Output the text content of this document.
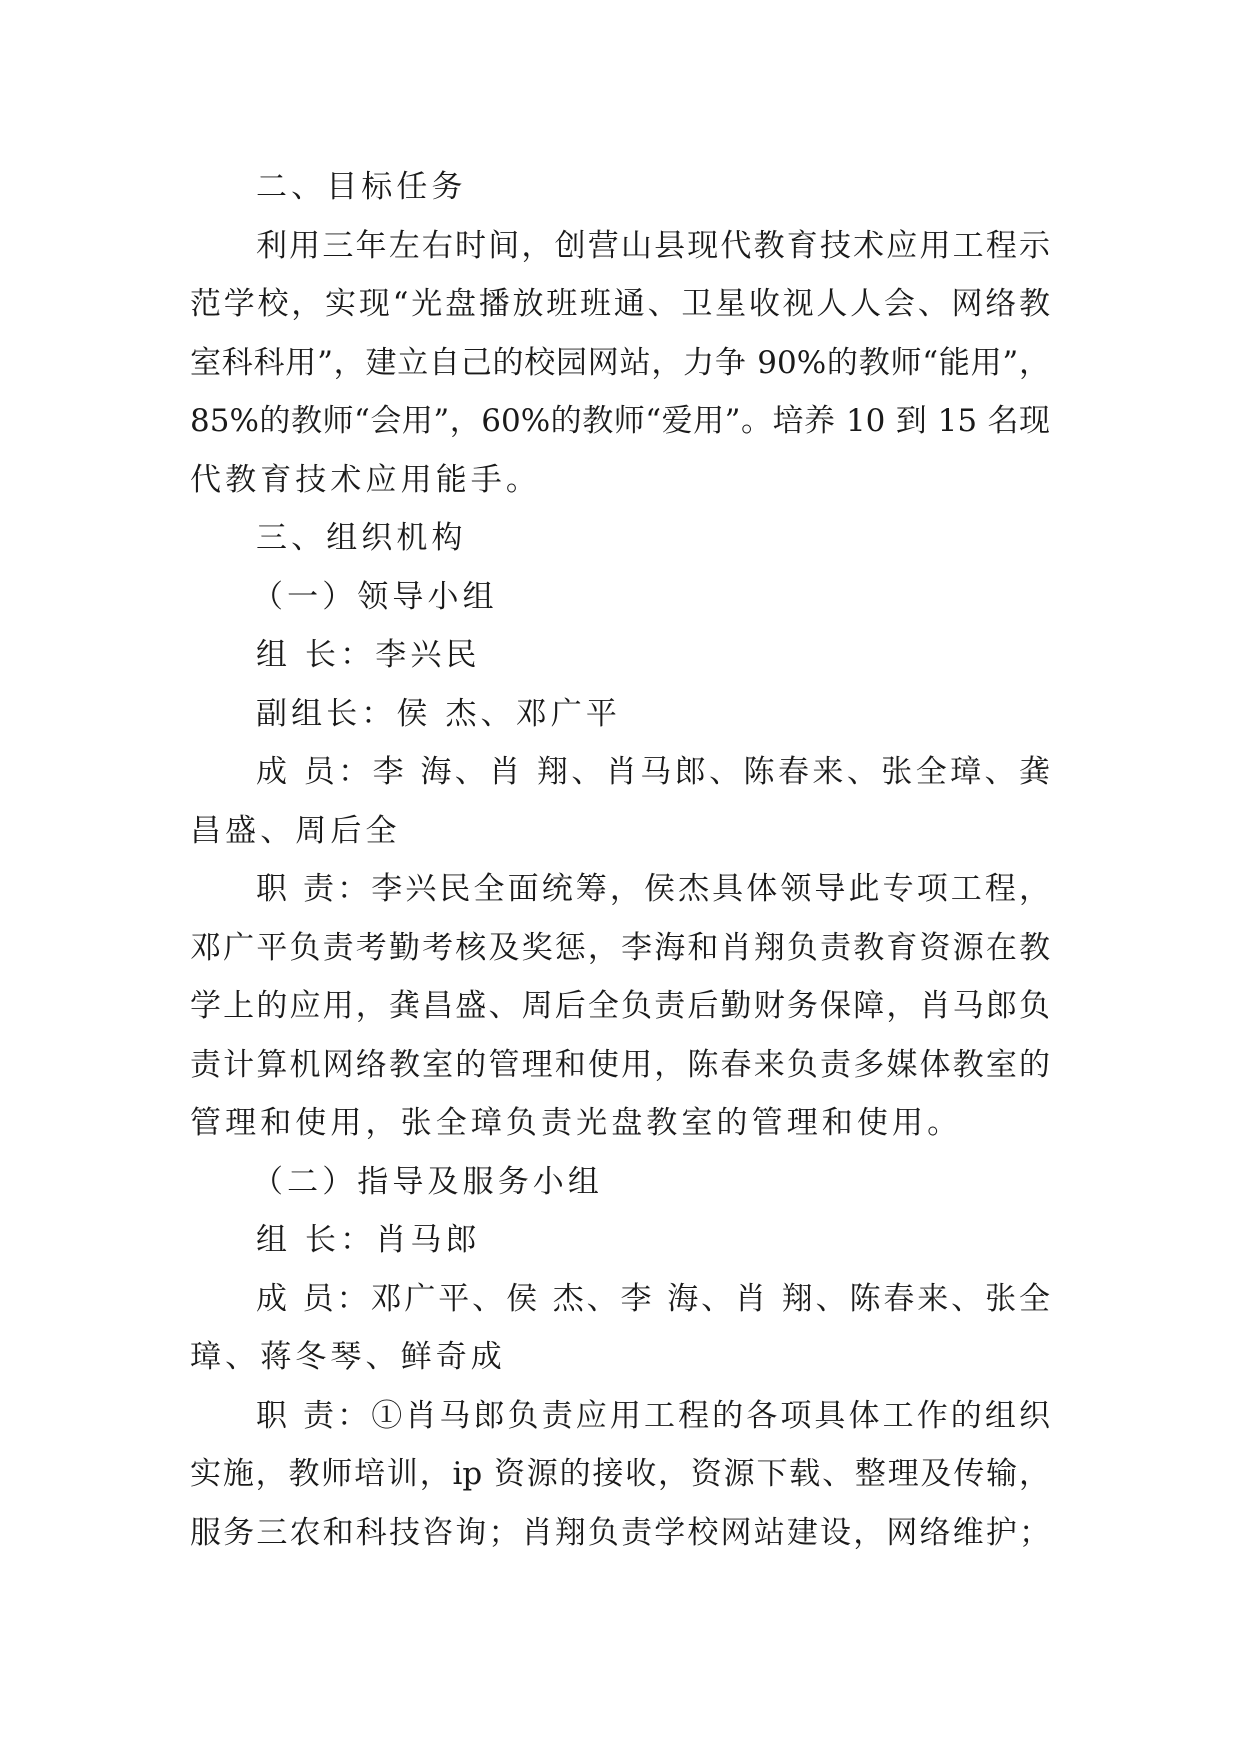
二、目标任务
利用三年左右时间，创营山县现代教育技术应用工程示
范学校，实现“光盘播放班班通、卫星收视人人会、网络教
室科科用”，建立自己的校园网站，力争 90%的教师“能用”，
85%的教师“会用”，60%的教师“爱用”。培养 10 到 15 名现
代教育技术应用能手。
三、组织机构
（一）领导小组
组 长：李兴民
副组长：侯 杰、邓广平
成 员：李 海、肖 翔、肖马郎、陈春来、张全璋、龚
昌盛、周后全
职 责：李兴民全面统筹，侯杰具体领导此专项工程，
邓广平负责考勤考核及奖惩，李海和肖翔负责教育资源在教
学上的应用，龚昌盛、周后全负责后勤财务保障，肖马郎负
责计算机网络教室的管理和使用，陈春来负责多媒体教室的
管理和使用，张全璋负责光盘教室的管理和使用。
（二）指导及服务小组
组 长：肖马郎
成 员：邓广平、侯 杰、李 海、肖 翔、陈春来、张全
璋、蒋冬琴、鲜奇成
职 责：①肖马郎负责应用工程的各项具体工作的组织
实施，教师培训，ip 资源的接收，资源下载、整理及传输，
服务三农和科技咨询；肖翔负责学校网站建设，网络维护；
